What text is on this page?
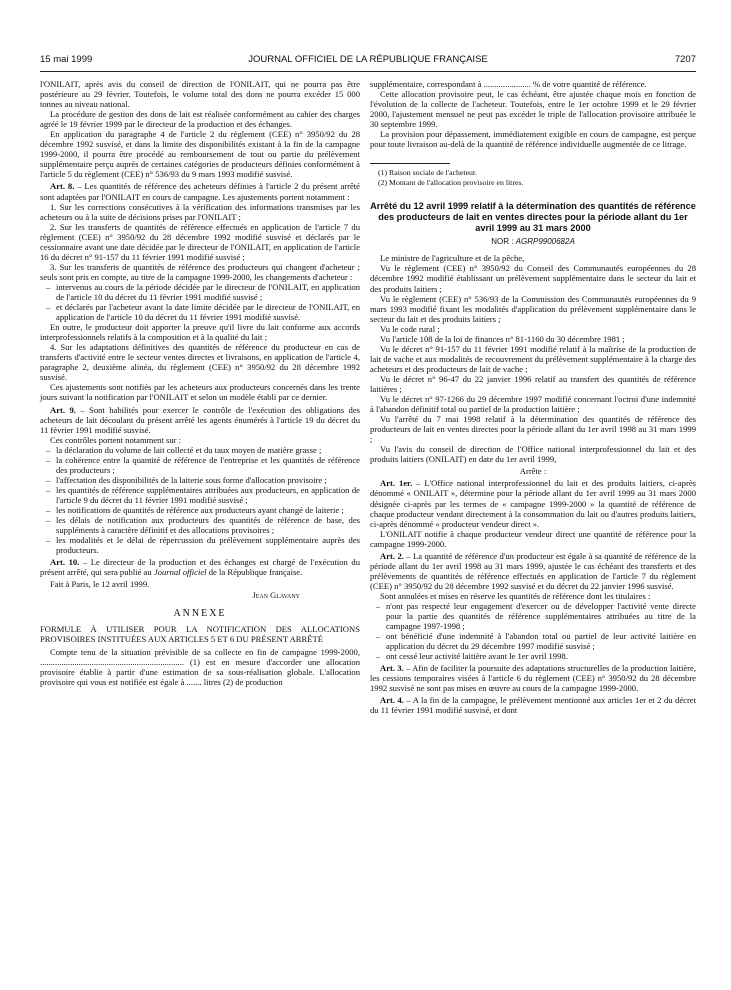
15 mai 1999	JOURNAL OFFICIEL DE LA RÉPUBLIQUE FRANÇAISE	7207

l'ONILAIT, après avis du conseil de direction de l'ONILAIT, qui ne pourra pas être postérieure au 29 février. Toutefois, le volume total des dons ne pourra excéder 15 000 tonnes au niveau national.

La procédure de gestion des dons de lait est réalisée conformément au cahier des charges agréé le 19 février 1999 par le directeur de la production et des échanges.

En application du paragraphe 4 de l'article 2 du règlement (CEE) n° 3950/92 du 28 décembre 1992 susvisé, et dans la limite des disponibilités existant à la fin de la campagne 1999-2000, il pourra être procédé au remboursement de tout ou partie du prélèvement supplémentaire perçu auprès de certaines catégories de producteurs définies conformément à l'article 5 du règlement (CEE) n° 536/93 du 9 mars 1993 modifié susvisé.

Art. 8. – Les quantités de référence des acheteurs définies à l'article 2 du présent arrêté sont adaptées par l'ONILAIT en cours de campagne. Les ajustements portent notamment :

1. Sur les corrections consécutives à la vérification des informations transmises par les acheteurs ou à la suite de décisions prises par l'ONILAIT ;

2. Sur les transferts de quantités de référence effectués en application de l'article 7 du règlement (CEE) n° 3950/92 du 28 décembre 1992 modifié susvisé et déclarés par le cessionnaire avant une date décidée par le directeur de l'ONILAIT, en application de l'article 16 du décret n° 91-157 du 11 février 1991 modifié susvisé ;

3. Sur les transferts de quantités de référence des producteurs qui changent d'acheteur ; seuls sont pris en compte, au titre de la campagne 1999-2000, les changements d'acheteur :

– intervenus au cours de la période décidée par le directeur de l'ONILAIT, en application de l'article 10 du décret du 11 février 1991 modifié susvisé ;
– et déclarés par l'acheteur avant la date limite décidée par le directeur de l'ONILAIT, en application de l'article 10 du décret du 11 février 1991 modifié susvisé.

En outre, le producteur doit apporter la preuve qu'il livre du lait conforme aux accords interprofessionnels relatifs à la composition et à la qualité du lait ;

4. Sur les adaptations définitives des quantités de référence du producteur en cas de transferts d'activité entre le secteur ventes directes et livraisons, en application de l'article 4, paragraphe 2, deuxième alinéa, du règlement (CEE) n° 3950/92 du 28 décembre 1992 susvisé.

Ces ajustements sont notifiés par les acheteurs aux producteurs concernés dans les trente jours suivant la notification par l'ONILAIT et selon un modèle établi par ce dernier.

Art. 9. – Sont habilités pour exercer le contrôle de l'exécution des obligations des acheteurs de lait découlant du présent arrêté les agents énumérés à l'article 19 du décret du 11 février 1991 modifié susvisé.

Ces contrôles portent notamment sur :

– la déclaration du volume de lait collecté et du taux moyen de matière grasse ;
– la cohérence entre la quantité de référence de l'entreprise et les quantités de référence des producteurs ;
– l'affectation des disponibilités de la laiterie sous forme d'allocation provisoire ;
– les quantités de référence supplémentaires attribuées aux producteurs, en application de l'article 9 du décret du 11 février 1991 modifié susvisé ;
– les notifications de quantités de référence aux producteurs ayant changé de laiterie ;
– les délais de notification aux producteurs des quantités de référence de base, des suppléments à caractère définitif et des allocations provisoires ;
– les modalités et le délai de répercussion du prélèvement supplémentaire auprès des producteurs.

Art. 10. – Le directeur de la production et des échanges est chargé de l'exécution du présent arrêté, qui sera publié au Journal officiel de la République française.

Fait à Paris, le 12 avril 1999.

Jean Glavany

ANNEXE

FORMULE À UTILISER POUR LA NOTIFICATION DES ALLOCATIONS PROVISOIRES INSTITUÉES AUX ARTICLES 5 ET 6 DU PRÉSENT ARRÊTÉ

Compte tenu de la situation prévisible de sa collecte en fin de campagne 1999-2000, ................................................................... (1) est en mesure d'accorder une allocation provisoire établie à partir d'une estimation de sa sous-réalisation globale. L'allocation provisoire qui vous est notifiée est égale à ....... litres (2) de production

supplémentaire, correspondant à ...................... % de votre quantité de référence.

Cette allocation provisoire peut, le cas échéant, être ajustée chaque mois en fonction de l'évolution de la collecte de l'acheteur. Toutefois, entre le 1er octobre 1999 et le 29 février 2000, l'ajustement mensuel ne peut pas excéder le triple de l'allocation provisoire attribuée le 30 septembre 1999.

La provision pour dépassement, immédiatement exigible en cours de campagne, est perçue pour toute livraison au-delà de la quantité de référence individuelle augmentée de ce litrage.

(1) Raison sociale de l'acheteur.

(2) Montant de l'allocation provisoire en litres.

Arrêté du 12 avril 1999 relatif à la détermination des quantités de référence des producteurs de lait en ventes directes pour la période allant du 1er avril 1999 au 31 mars 2000

NOR : AGRP9900682A

Le ministre de l'agriculture et de la pêche,

Vu le règlement (CEE) n° 3950/92 du Conseil des Communautés européennes du 28 décembre 1992 modifié établissant un prélèvement supplémentaire dans le secteur du lait et des produits laitiers ;

Vu le règlement (CEE) n° 536/93 de la Commission des Communautés européennes du 9 mars 1993 modifié fixant les modalités d'application du prélèvement supplémentaire dans le secteur du lait et des produits laitiers ;

Vu le code rural ;

Vu l'article 108 de la loi de finances n° 81-1160 du 30 décembre 1981 ;

Vu le décret n° 91-157 du 11 février 1991 modifié relatif à la maîtrise de la production de lait de vache et aux modalités de recouvrement du prélèvement supplémentaire à la charge des acheteurs et des producteurs de lait de vache ;

Vu le décret n° 96-47 du 22 janvier 1996 relatif au transfert des quantités de référence laitières ;

Vu le décret n° 97-1266 du 29 décembre 1997 modifié concernant l'octroi d'une indemnité à l'abandon définitif total ou partiel de la production laitière ;

Vu l'arrêté du 7 mai 1998 relatif à la détermination des quantités de référence des producteurs de lait en ventes directes pour la période allant du 1er avril 1998 au 31 mars 1999 ;

Vu l'avis du conseil de direction de l'Office national interprofessionnel du lait et des produits laitiers (ONILAIT) en date du 1er avril 1999,

Arrête :

Art. 1er. – L'Office national interprofessionnel du lait et des produits laitiers, ci-après dénommé « ONILAIT », détermine pour la période allant du 1er avril 1999 au 31 mars 2000 désignée ci-après par les termes de « campagne 1999-2000 » la quantité de référence de chaque producteur vendant directement à la consommation du lait ou d'autres produits laitiers, ci-après dénommé « producteur vendeur direct ».

L'ONILAIT notifie à chaque producteur vendeur direct une quantité de référence pour la campagne 1999-2000.

Art. 2. – La quantité de référence d'un producteur est égale à sa quantité de référence de la période allant du 1er avril 1998 au 31 mars 1999, ajustée le cas échéant des transferts et des prélèvements de quantités de référence effectués en application de l'article 7 du règlement (CEE) n° 3950/92 du 28 décembre 1992 susvisé et du décret du 22 janvier 1996 susvisé.

Sont annulées et mises en réserve les quantités de référence dont les titulaires :

– n'ont pas respecté leur engagement d'exercer ou de développer l'activité vente directe pour la partie des quantités de référence supplémentaires attribuées au titre de la campagne 1997-1998 ;
– ont bénéficié d'une indemnité à l'abandon total ou partiel de leur activité laitière en application du décret du 29 décembre 1997 modifié susvisé ;
– ont cessé leur activité laitière avant le 1er avril 1998.

Art. 3. – Afin de faciliter la poursuite des adaptations structurelles de la production laitière, les cessions temporaires visées à l'article 6 du règlement (CEE) n° 3950/92 du 28 décembre 1992 susvisé ne sont pas mises en œuvre au cours de la campagne 1999-2000.

Art. 4. – A la fin de la campagne, le prélèvement mentionné aux articles 1er et 2 du décret du 11 février 1991 modifié susvisé, et dont
